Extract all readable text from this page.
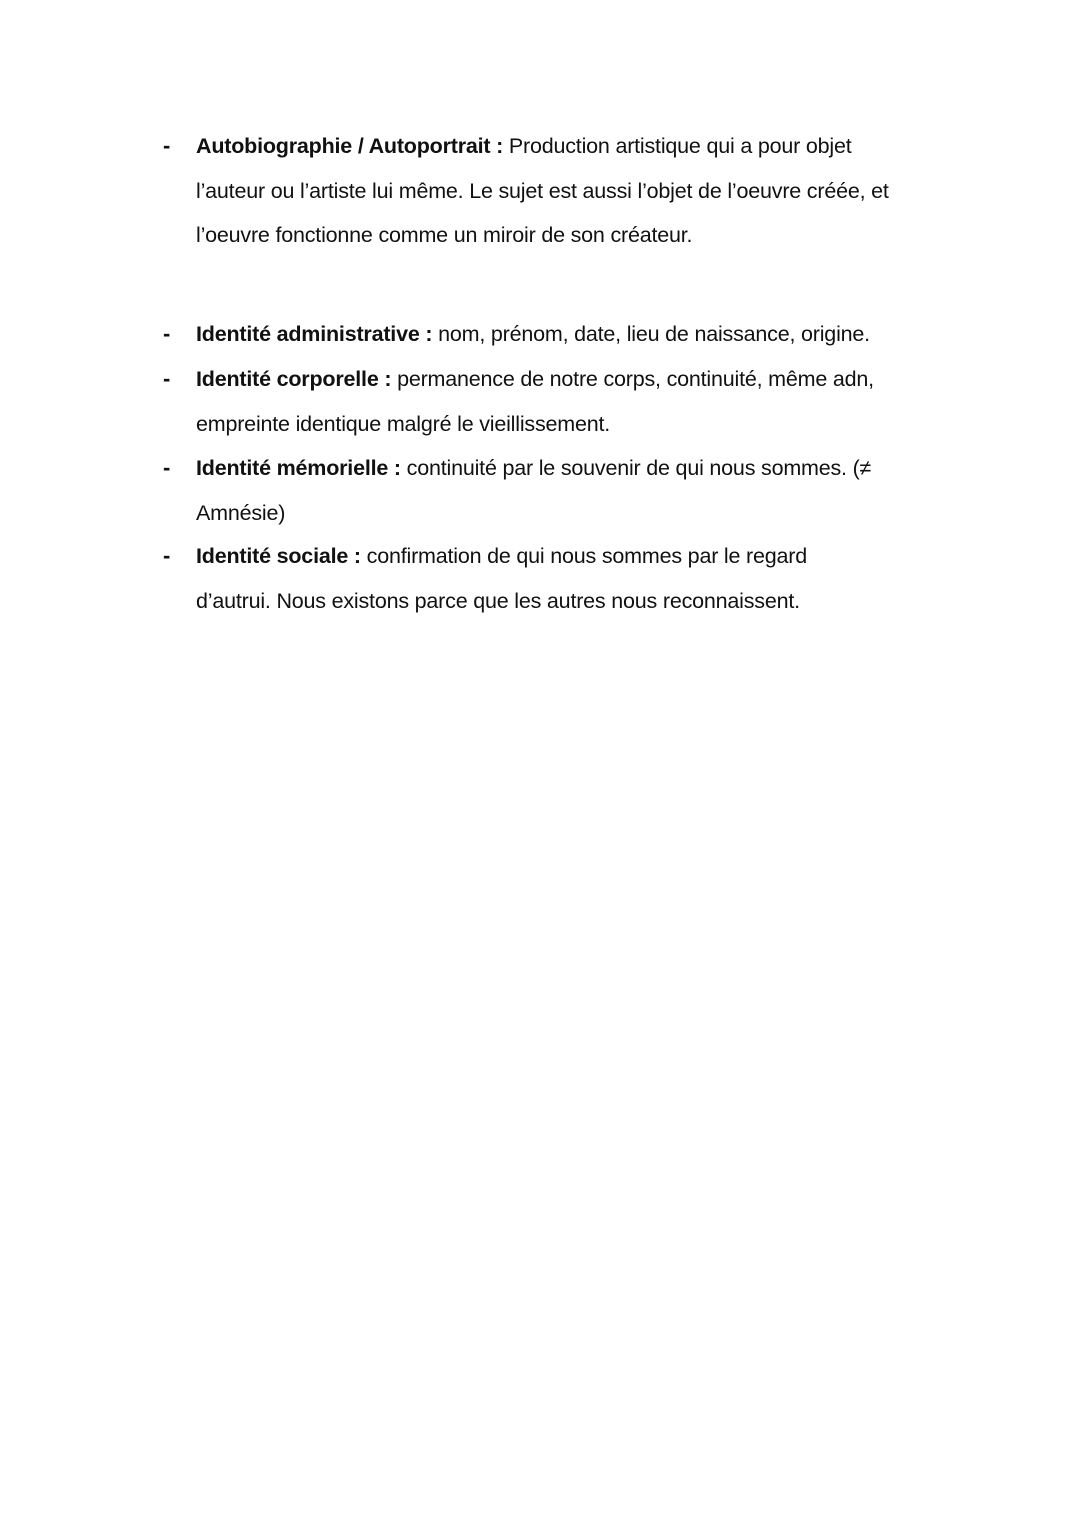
- Autobiographie / Autoportrait : Production artistique qui a pour objet
l’auteur ou l’artiste lui même. Le sujet est aussi l’objet de l’oeuvre créée, et
l’oeuvre fonctionne comme un miroir de son créateur.
- Identité administrative : nom, prénom, date, lieu de naissance, origine.
- Identité corporelle : permanence de notre corps, continuité, même adn,
empreinte identique malgré le vieillissement.
- Identité mémorielle : continuité par le souvenir de qui nous sommes. (≠
Amnésie)
- Identité sociale : confirmation de qui nous sommes par le regard
d’autrui. Nous existons parce que les autres nous reconnaissent.
